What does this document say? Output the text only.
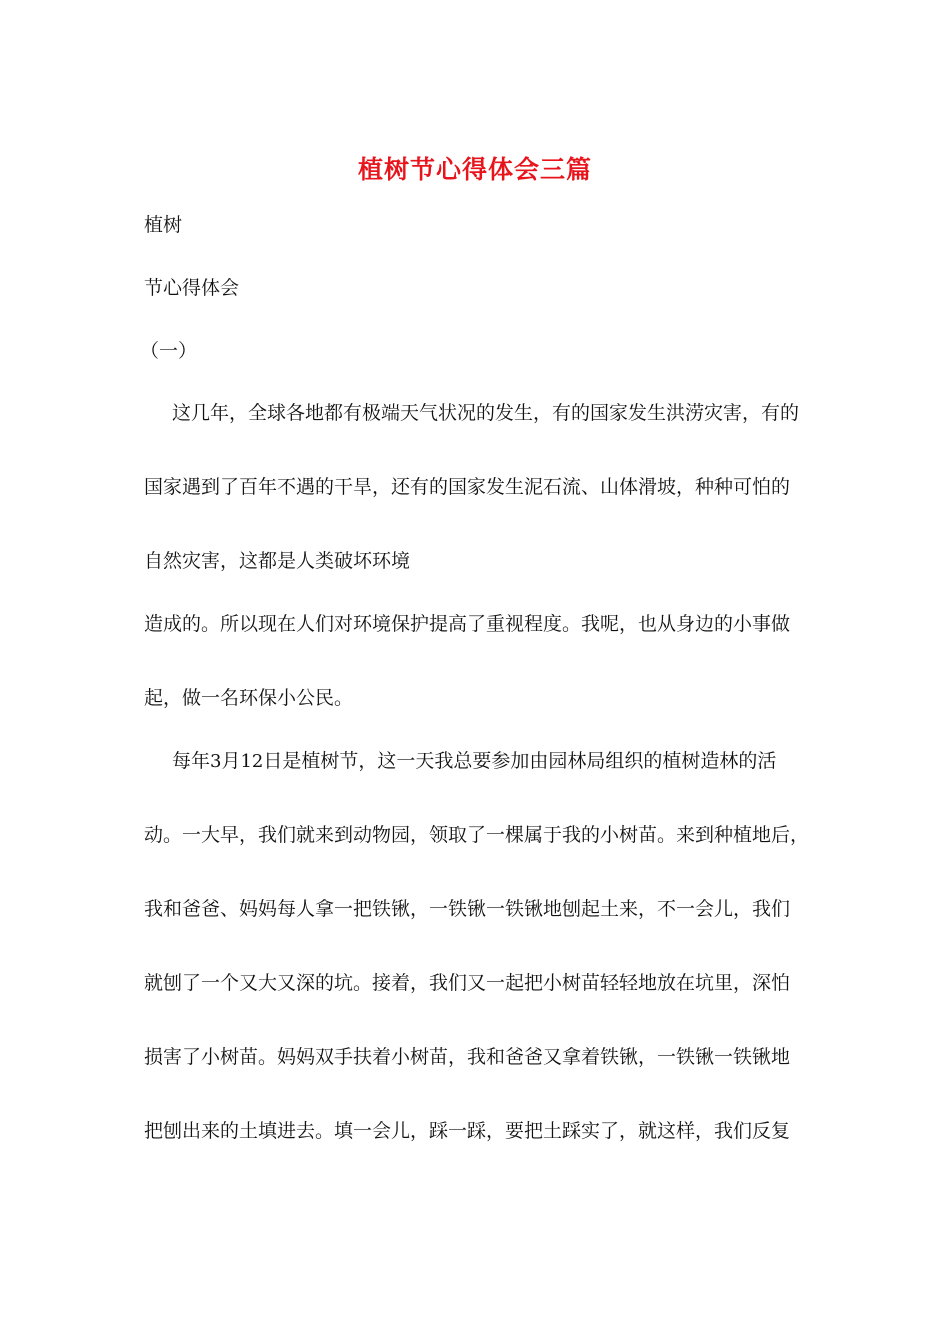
植树节心得体会三篇
植树
节心得体会
（一）
这几年，全球各地都有极端天气状况的发生，有的国家发生洪涝灾害，有的
国家遇到了百年不遇的干旱，还有的国家发生泥石流、山体滑坡，种种可怕的
自然灾害，这都是人类破坏环境
造成的。所以现在人们对环境保护提高了重视程度。我呢，也从身边的小事做
起，做一名环保小公民。
每年3月12日是植树节，这一天我总要参加由园林局组织的植树造林的活
动。一大早，我们就来到动物园，领取了一棵属于我的小树苗。来到种植地后，
我和爸爸、妈妈每人拿一把铁锹，一铁锹一铁锹地刨起土来，不一会儿，我们
就刨了一个又大又深的坑。接着，我们又一起把小树苗轻轻地放在坑里，深怕
损害了小树苗。妈妈双手扶着小树苗，我和爸爸又拿着铁锹，一铁锹一铁锹地
把刨出来的土填进去。填一会儿，踩一踩，要把土踩实了，就这样，我们反复
